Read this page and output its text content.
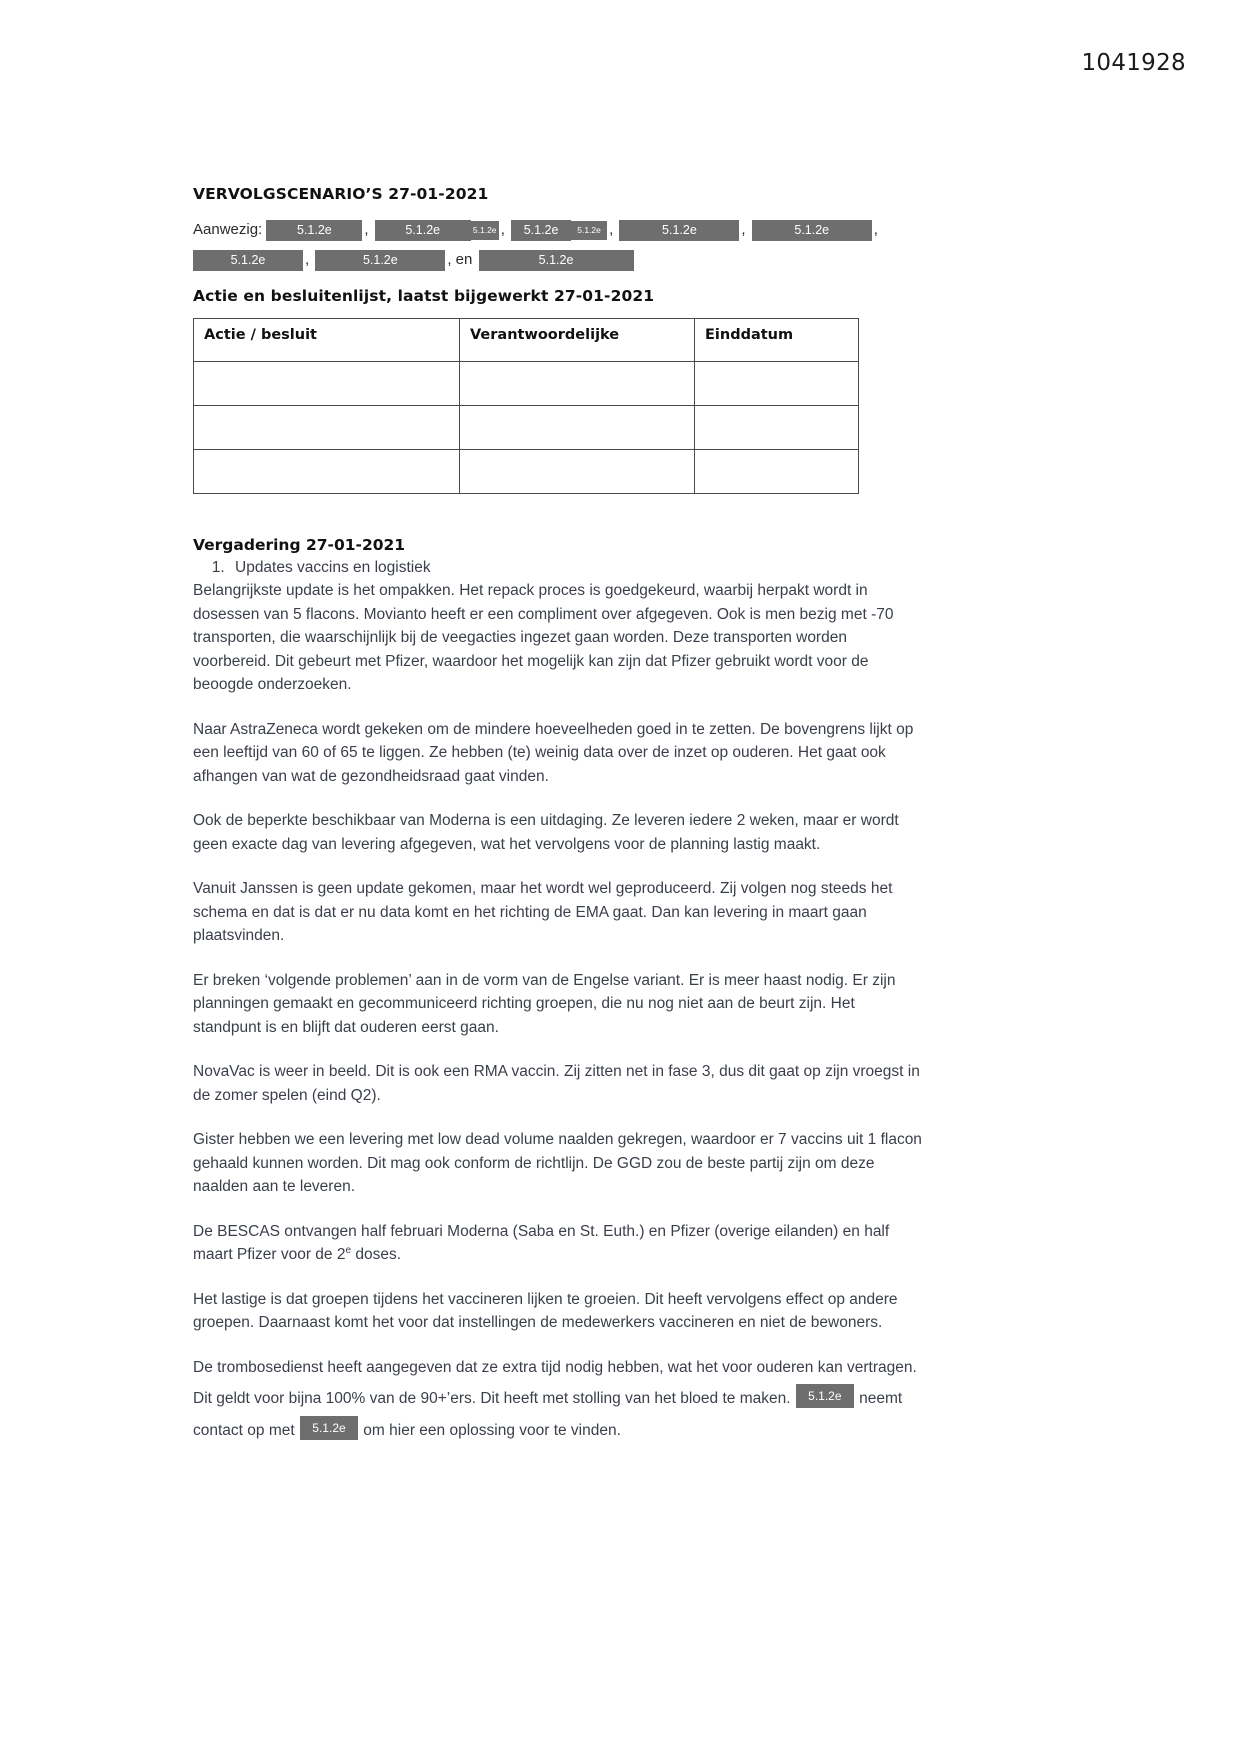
1041928
VERVOLGSCENARIO’S 27-01-2021
Aanwezig:	5.1.2e ,	5.1.2e	5.1.2e , 5.1.2e 5.1.2e ,	5.1.2e	,	5.1.2e	,
5.1.2e	,	5.1.2e	, en	5.1.2e
Actie en besluitenlijst, laatst bijgewerkt 27-01-2021
Actie / besluit	Verantwoordelijke	Einddatum

Vergadering 27-01-2021
1. Updates vaccins en logistiek

Belangrijkste update is het ompakken. Het repack proces is goedgekeurd, waarbij herpakt wordt in dosessen van 5 flacons. Movianto heeft er een compliment over afgegeven. Ook is men bezig met -70 transporten, die waarschijnlijk bij de veegacties ingezet gaan worden. Deze transporten worden voorbereid. Dit gebeurt met Pfizer, waardoor het mogelijk kan zijn dat Pfizer gebruikt wordt voor de beoogde onderzoeken.

Naar AstraZeneca wordt gekeken om de mindere hoeveelheden goed in te zetten. De bovengrens lijkt op een leeftijd van 60 of 65 te liggen. Ze hebben (te) weinig data over de inzet op ouderen. Het gaat ook afhangen van wat de gezondheidsraad gaat vinden.

Ook de beperkte beschikbaar van Moderna is een uitdaging. Ze leveren iedere 2 weken, maar er wordt geen exacte dag van levering afgegeven, wat het vervolgens voor de planning lastig maakt.

Vanuit Janssen is geen update gekomen, maar het wordt wel geproduceerd. Zij volgen nog steeds het schema en dat is dat er nu data komt en het richting de EMA gaat. Dan kan levering in maart gaan plaatsvinden.

Er breken ‘volgende problemen’ aan in de vorm van de Engelse variant. Er is meer haast nodig. Er zijn planningen gemaakt en gecommuniceerd richting groepen, die nu nog niet aan de beurt zijn. Het standpunt is en blijft dat ouderen eerst gaan.

NovaVac is weer in beeld. Dit is ook een RMA vaccin. Zij zitten net in fase 3, dus dit gaat op zijn vroegst in de zomer spelen (eind Q2).

Gister hebben we een levering met low dead volume naalden gekregen, waardoor er 7 vaccins uit 1 flacon gehaald kunnen worden. Dit mag ook conform de richtlijn. De GGD zou de beste partij zijn om deze naalden aan te leveren.

De BESCAS ontvangen half februari Moderna (Saba en St. Euth.) en Pfizer (overige eilanden) en half maart Pfizer voor de 2e doses.

Het lastige is dat groepen tijdens het vaccineren lijken te groeien. Dit heeft vervolgens effect op andere groepen. Daarnaast komt het voor dat instellingen de medewerkers vaccineren en niet de bewoners.

De trombosedienst heeft aangegeven dat ze extra tijd nodig hebben, wat het voor ouderen kan vertragen. Dit geldt voor bijna 100% van de 90+’ers. Dit heeft met stolling van het bloed te maken. 5.1.2e neemt contact op met 5.1.2e om hier een oplossing voor te vinden.
